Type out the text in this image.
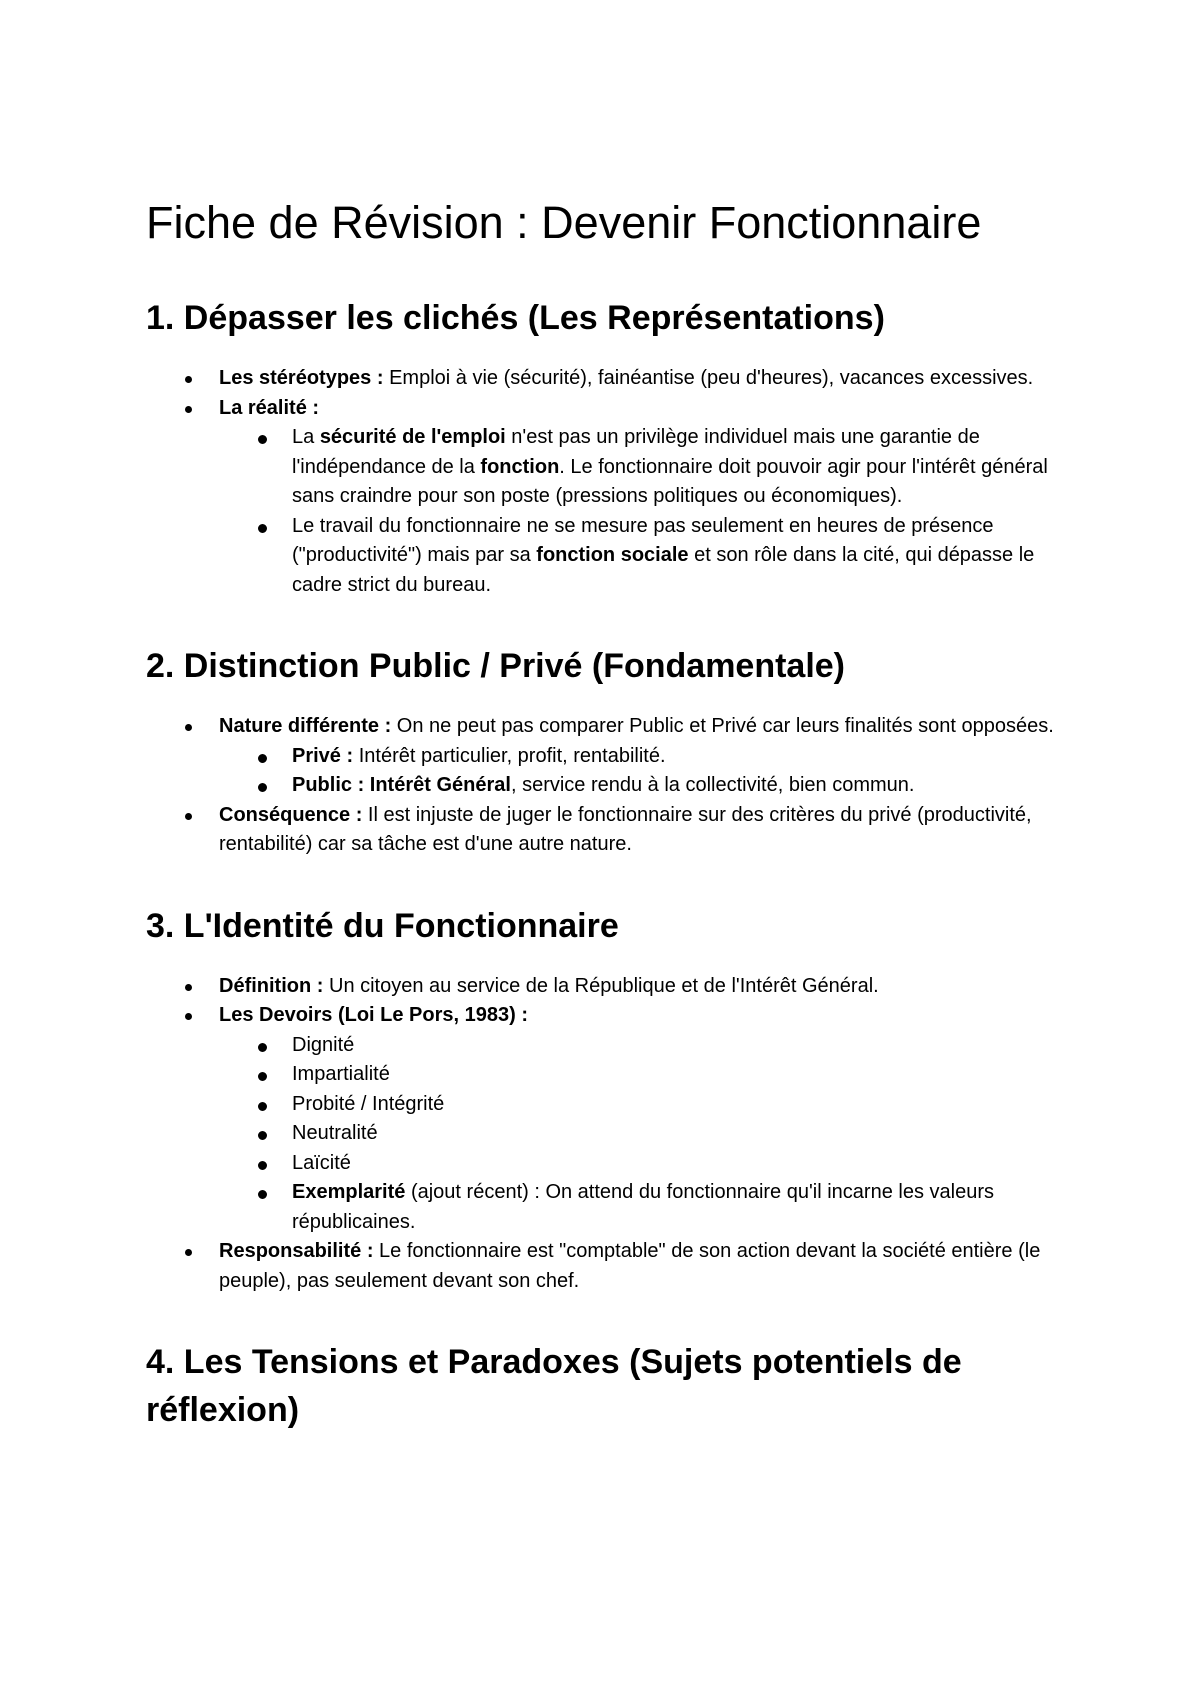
Fiche de Révision : Devenir Fonctionnaire
1. Dépasser les clichés (Les Représentations)
Les stéréotypes : Emploi à vie (sécurité), fainéantise (peu d'heures), vacances excessives.
La réalité :
La sécurité de l'emploi n'est pas un privilège individuel mais une garantie de l'indépendance de la fonction. Le fonctionnaire doit pouvoir agir pour l'intérêt général sans craindre pour son poste (pressions politiques ou économiques).
Le travail du fonctionnaire ne se mesure pas seulement en heures de présence ("productivité") mais par sa fonction sociale et son rôle dans la cité, qui dépasse le cadre strict du bureau.
2. Distinction Public / Privé (Fondamentale)
Nature différente : On ne peut pas comparer Public et Privé car leurs finalités sont opposées.
Privé : Intérêt particulier, profit, rentabilité.
Public : Intérêt Général, service rendu à la collectivité, bien commun.
Conséquence : Il est injuste de juger le fonctionnaire sur des critères du privé (productivité, rentabilité) car sa tâche est d'une autre nature.
3. L'Identité du Fonctionnaire
Définition : Un citoyen au service de la République et de l'Intérêt Général.
Les Devoirs (Loi Le Pors, 1983) :
Dignité
Impartialité
Probité / Intégrité
Neutralité
Laïcité
Exemplarité (ajout récent) : On attend du fonctionnaire qu'il incarne les valeurs républicaines.
Responsabilité : Le fonctionnaire est "comptable" de son action devant la société entière (le peuple), pas seulement devant son chef.
4. Les Tensions et Paradoxes (Sujets potentiels de réflexion)
